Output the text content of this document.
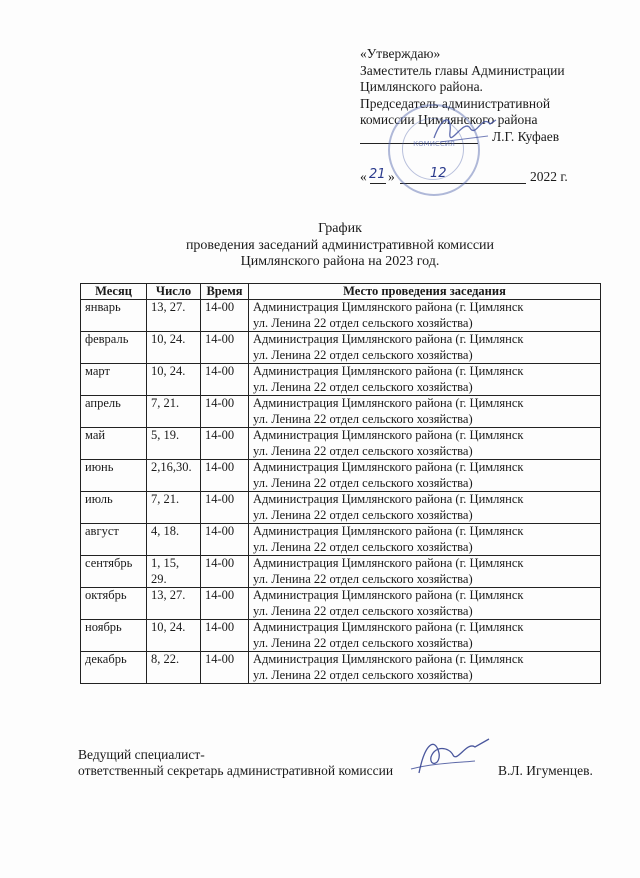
«Утверждаю»
Заместитель главы Администрации
Цимлянского района.
Председатель административной
комиссии Цимлянского района
Л.Г. Куфаев
« 21 »	12	2022 г.
КОМИССИЯ
График
проведения заседаний административной комиссии
Цимлянского района на 2023 год.
Месяц	Число	Время	Место проведения заседания
январь	13, 27.	14-00	Администрация Цимлянского района (г. Цимлянск
ул. Ленина 22 отдел сельского хозяйства)

февраль	10, 24.	14-00	Администрация Цимлянского района (г. Цимлянск
ул. Ленина 22 отдел сельского хозяйства)

март	10, 24.	14-00	Администрация Цимлянского района (г. Цимлянск
ул. Ленина 22 отдел сельского хозяйства)

апрель	7, 21.	14-00	Администрация Цимлянского района (г. Цимлянск
ул. Ленина 22 отдел сельского хозяйства)

май	5, 19.	14-00	Администрация Цимлянского района (г. Цимлянск
ул. Ленина 22 отдел сельского хозяйства)

июнь	2,16,30.	14-00	Администрация Цимлянского района (г. Цимлянск
ул. Ленина 22 отдел сельского хозяйства)

июль	7, 21.	14-00	Администрация Цимлянского района (г. Цимлянск
ул. Ленина 22 отдел сельского хозяйства)

август	4, 18.	14-00	Администрация Цимлянского района (г. Цимлянск
ул. Ленина 22 отдел сельского хозяйства)

сентябрь	1, 15, 29.	14-00	Администрация Цимлянского района (г. Цимлянск
ул. Ленина 22 отдел сельского хозяйства)

октябрь	13, 27.	14-00	Администрация Цимлянского района (г. Цимлянск
ул. Ленина 22 отдел сельского хозяйства)

ноябрь	10, 24.	14-00	Администрация Цимлянского района (г. Цимлянск
ул. Ленина 22 отдел сельского хозяйства)

декабрь	8, 22.	14-00	Администрация Цимлянского района (г. Цимлянск
ул. Ленина 22 отдел сельского хозяйства)
Ведущий специалист-
ответственный секретарь административной комиссии	В.Л. Игуменцев.
